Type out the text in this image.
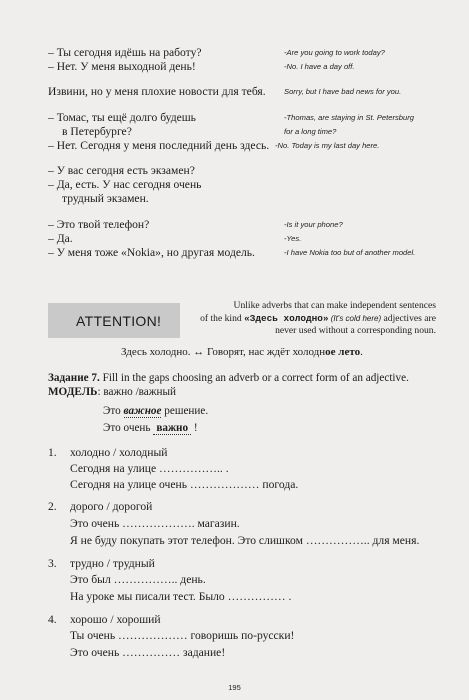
– Ты сегодня идёшь на работу?	-Are you going to work today?
– Нет. У меня выходной день!	-No. I have a day off.
Извини, но у меня плохие новости для тебя. Sorry, but I have bad news for you.
– Томас, ты ещё долго будешь	-Thomas, are staying in St. Petersburg
в Петербурге?	for a long time?
– Нет. Сегодня у меня последний день здесь. -No. Today is my last day here.
– У вас сегодня есть экзамен?
– Да, есть. У нас сегодня очень
трудный экзамен.
– Это твой телефон?	-Is it your phone?
– Да.	-Yes.
– У меня тоже «Nokia», но другая модель.	-I have Nokia too but of another model.
ATTENTION!
Unlike adverbs that can make independent sentences
of the kind «Здесь холодно» (It's cold here) adjectives are
never used without a corresponding noun.
Здесь холодно. ↔ Говорят, нас ждёт холодное лето.
Задание 7. Fill in the gaps choosing an adverb or a correct form of an adjective.
МОДЕЛЬ: важно /важный
Это важное решение.
Это очень важно !
1. холодно / холодный
Сегодня на улице …………….. .
Сегодня на улице очень ……………… погода.
2. дорого / дорогой
Это очень ………………. магазин.
Я не буду покупать этот телефон. Это слишком …………….. для меня.
3. трудно / трудный
Это был …………….. день.
На уроке мы писали тест. Было …………… .
4. хорошо / хороший
Ты очень ……………… говоришь по-русски!
Это очень …………… задание!
195
